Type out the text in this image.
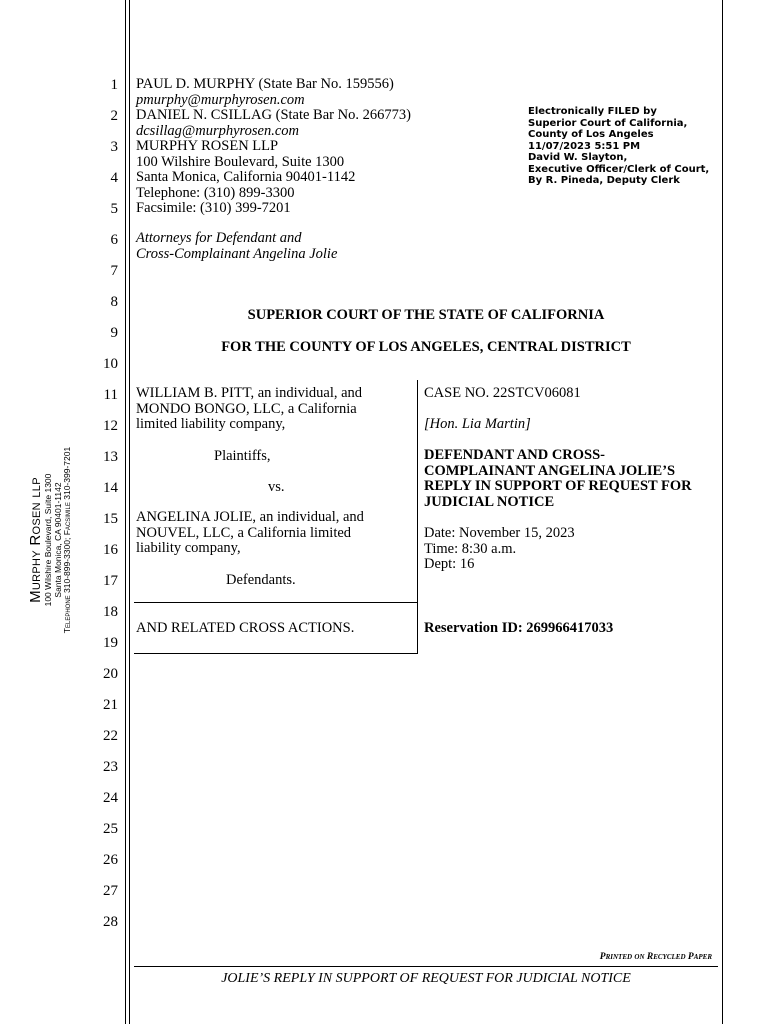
Murphy Rosen llp 100 Wilshire Boulevard, Suite 1300 Santa Monica, CA 90401-1142 Telephone 310-899-3300; Facsimile 310-399-7201
1
2
3
4
5
6
7
8
9
10
11
12
13
14
15
16
17
18
19
20
21
22
23
24
25
26
27
28
PAUL D. MURPHY (State Bar No. 159556)
pmurphy@murphyrosen.com
DANIEL N. CSILLAG (State Bar No. 266773)
dcsillag@murphyrosen.com
MURPHY ROSEN LLP
100 Wilshire Boulevard, Suite 1300
Santa Monica, California 90401-1142
Telephone: (310) 899-3300
Facsimile: (310) 399-7201
Attorneys for Defendant and
Cross-Complainant Angelina Jolie
Electronically FILED by
Superior Court of California,
County of Los Angeles
11/07/2023 5:51 PM
David W. Slayton,
Executive Officer/Clerk of Court,
By R. Pineda, Deputy Clerk
SUPERIOR COURT OF THE STATE OF CALIFORNIA
FOR THE COUNTY OF LOS ANGELES, CENTRAL DISTRICT
WILLIAM B. PITT, an individual, and
MONDO BONGO, LLC, a California
limited liability company,
Plaintiffs,
vs.
ANGELINA JOLIE, an individual, and
NOUVEL, LLC, a California limited
liability company,
Defendants.
AND RELATED CROSS ACTIONS.
CASE NO. 22STCV06081
[Hon. Lia Martin]
DEFENDANT AND CROSS-
COMPLAINANT ANGELINA JOLIE’S
REPLY IN SUPPORT OF REQUEST FOR
JUDICIAL NOTICE
Date: November 15, 2023
Time: 8:30 a.m.
Dept: 16
Reservation ID: 269966417033
Printed on Recycled Paper
JOLIE’S REPLY IN SUPPORT OF REQUEST FOR JUDICIAL NOTICE
